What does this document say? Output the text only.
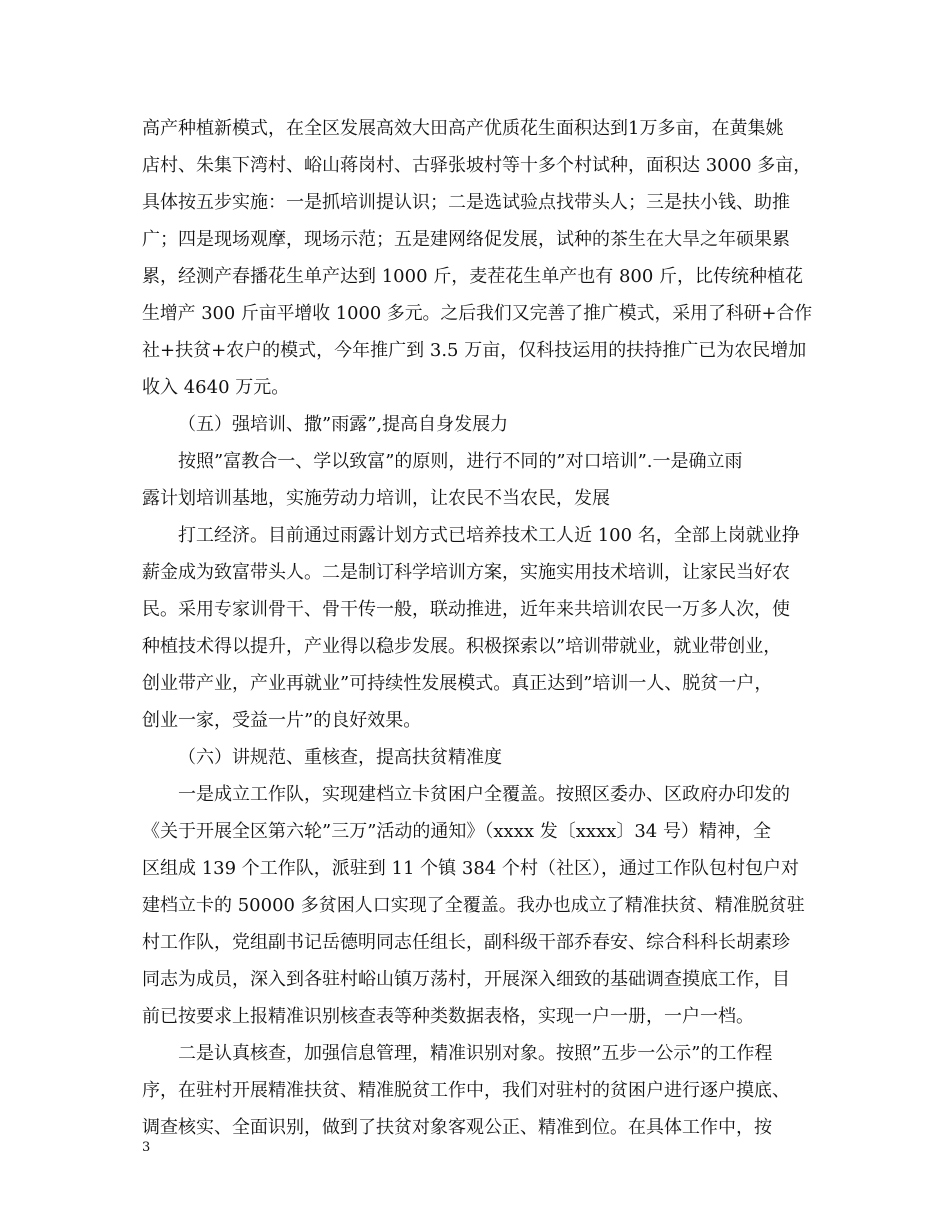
高产种植新模式，在全区发展高效大田高产优质花生面积达到1万多亩，在黄集姚
店村、朱集下湾村、峪山蒋岗村、古驿张坡村等十多个村试种，面积达 3000 多亩，
具体按五步实施：一是抓培训提认识；二是选试验点找带头人；三是扶小钱、助推
广；四是现场观摩，现场示范；五是建网络促发展，试种的茶生在大旱之年硕果累
累，经测产春播花生单产达到 1000 斤，麦茬花生单产也有 800 斤，比传统种植花
生增产 300 斤亩平增收 1000 多元。之后我们又完善了推广模式，采用了科研+合作
社+扶贫+农户的模式，今年推广到 3.5 万亩，仅科技运用的扶持推广已为农民增加
收入 4640 万元。
（五）强培训、撒”雨露”,提高自身发展力
按照”富教合一、学以致富”的原则，进行不同的”对口培训”.一是确立雨
露计划培训基地，实施劳动力培训，让农民不当农民，发展
打工经济。目前通过雨露计划方式已培养技术工人近 100 名，全部上岗就业挣
薪金成为致富带头人。二是制订科学培训方案，实施实用技术培训，让家民当好农
民。采用专家训骨干、骨干传一般，联动推进，近年来共培训农民一万多人次，使
种植技术得以提升，产业得以稳步发展。积极探索以”培训带就业，就业带创业，
创业带产业，产业再就业”可持续性发展模式。真正达到”培训一人、脱贫一户，
创业一家，受益一片”的良好效果。
（六）讲规范、重核查，提高扶贫精准度
一是成立工作队，实现建档立卡贫困户全覆盖。按照区委办、区政府办印发的
《关于开展全区第六轮”三万”活动的通知》（xxxx 发〔xxxx〕34 号）精神，全
区组成 139 个工作队，派驻到 11 个镇 384 个村（社区），通过工作队包村包户对
建档立卡的 50000 多贫困人口实现了全覆盖。我办也成立了精准扶贫、精准脱贫驻
村工作队，党组副书记岳德明同志任组长，副科级干部乔春安、综合科科长胡素珍
同志为成员，深入到各驻村峪山镇万荡村，开展深入细致的基础调查摸底工作，目
前已按要求上报精准识别核查表等种类数据表格，实现一户一册，一户一档。
二是认真核查，加强信息管理，精准识别对象。按照”五步一公示”的工作程
序，在驻村开展精准扶贫、精准脱贫工作中，我们对驻村的贫困户进行逐户摸底、
调查核实、全面识别，做到了扶贫对象客观公正、精准到位。在具体工作中，按
3
